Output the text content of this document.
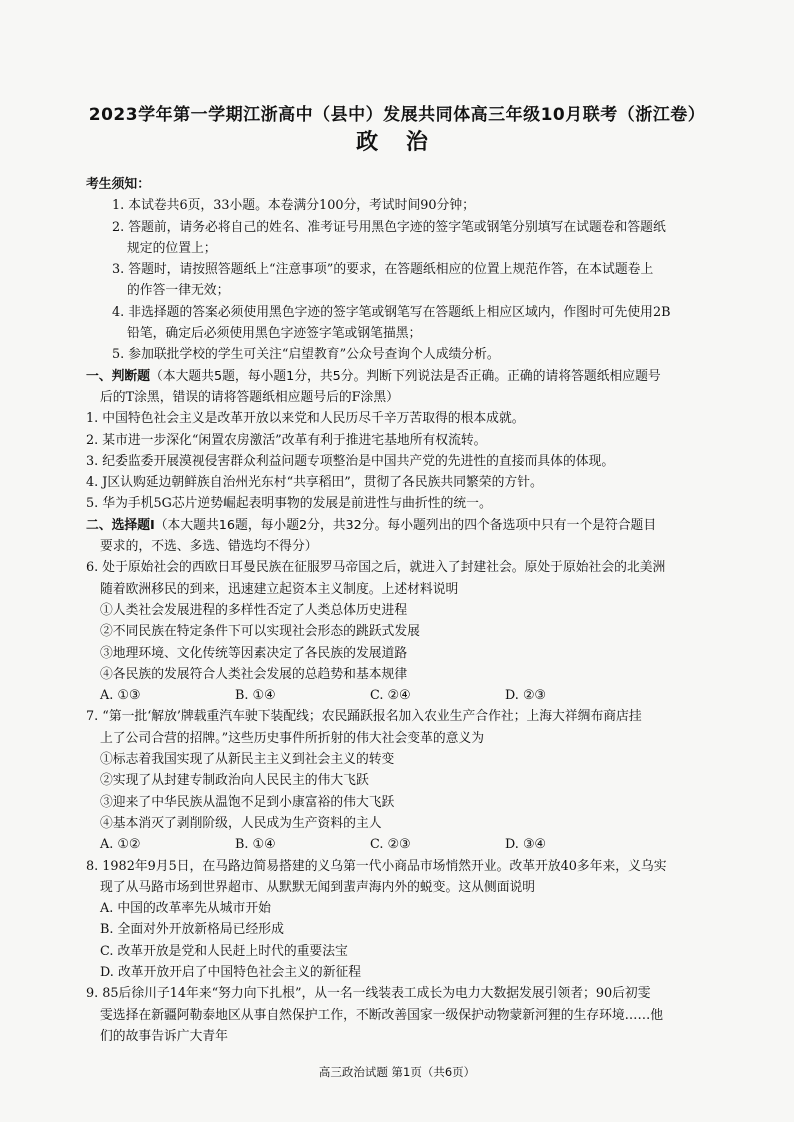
2023学年第一学期江浙高中（县中）发展共同体高三年级10月联考（浙江卷）
政 治
考生须知：
1. 本试卷共6页，33小题。本卷满分100分，考试时间90分钟；
2. 答题前，请务必将自己的姓名、准考证号用黑色字迹的签字笔或钢笔分别填写在试题卷和答题纸
规定的位置上；
3. 答题时，请按照答题纸上“注意事项”的要求，在答题纸相应的位置上规范作答，在本试题卷上
的作答一律无效；
4. 非选择题的答案必须使用黑色字迹的签字笔或钢笔写在答题纸上相应区域内，作图时可先使用2B
铅笔，确定后必须使用黑色字迹签字笔或钢笔描黑；
5. 参加联批学校的学生可关注“启望教育”公众号查询个人成绩分析。
一、判断题（本大题共5题，每小题1分，共5分。判断下列说法是否正确。正确的请将答题纸相应题号
后的T涂黑，错误的请将答题纸相应题号后的F涂黑）
1. 中国特色社会主义是改革开放以来党和人民历尽千辛万苦取得的根本成就。
2. 某市进一步深化“闲置农房激活”改革有利于推进宅基地所有权流转。
3. 纪委监委开展漠视侵害群众利益问题专项整治是中国共产党的先进性的直接而具体的体现。
4. J区认购延边朝鲜族自治州光东村“共享稻田”，贯彻了各民族共同繁荣的方针。
5. 华为手机5G芯片逆势崛起表明事物的发展是前进性与曲折性的统一。
二、选择题Ⅰ（本大题共16题，每小题2分，共32分。每小题列出的四个备选项中只有一个是符合题目
要求的，不选、多选、错选均不得分）
6. 处于原始社会的西欧日耳曼民族在征服罗马帝国之后，就进入了封建社会。原处于原始社会的北美洲
随着欧洲移民的到来，迅速建立起资本主义制度。上述材料说明
①人类社会发展进程的多样性否定了人类总体历史进程
②不同民族在特定条件下可以实现社会形态的跳跃式发展
③地理环境、文化传统等因素决定了各民族的发展道路
④各民族的发展符合人类社会发展的总趋势和基本规律
A. ①③	B. ①④	C. ②④	D. ②③
7. “第一批‘解放’牌载重汽车驶下装配线；农民踊跃报名加入农业生产合作社；上海大祥绸布商店挂
上了公司合营的招牌。”这些历史事件所折射的伟大社会变革的意义为
①标志着我国实现了从新民主主义到社会主义的转变
②实现了从封建专制政治向人民民主的伟大飞跃
③迎来了中华民族从温饱不足到小康富裕的伟大飞跃
④基本消灭了剥削阶级，人民成为生产资料的主人
A. ①②	B. ①④	C. ②③	D. ③④
8. 1982年9月5日，在马路边简易搭建的义乌第一代小商品市场悄然开业。改革开放40多年来，义乌实
现了从马路市场到世界超市、从默默无闻到蜚声海内外的蜕变。这从侧面说明
A. 中国的改革率先从城市开始
B. 全面对外开放新格局已经形成
C. 改革开放是党和人民赶上时代的重要法宝
D. 改革开放开启了中国特色社会主义的新征程
9. 85后徐川子14年来“努力向下扎根”，从一名一线装表工成长为电力大数据发展引领者；90后初雯
雯选择在新疆阿勒泰地区从事自然保护工作，不断改善国家一级保护动物蒙新河狸的生存环境……他
们的故事告诉广大青年
高三政治试题 第1页（共6页）
